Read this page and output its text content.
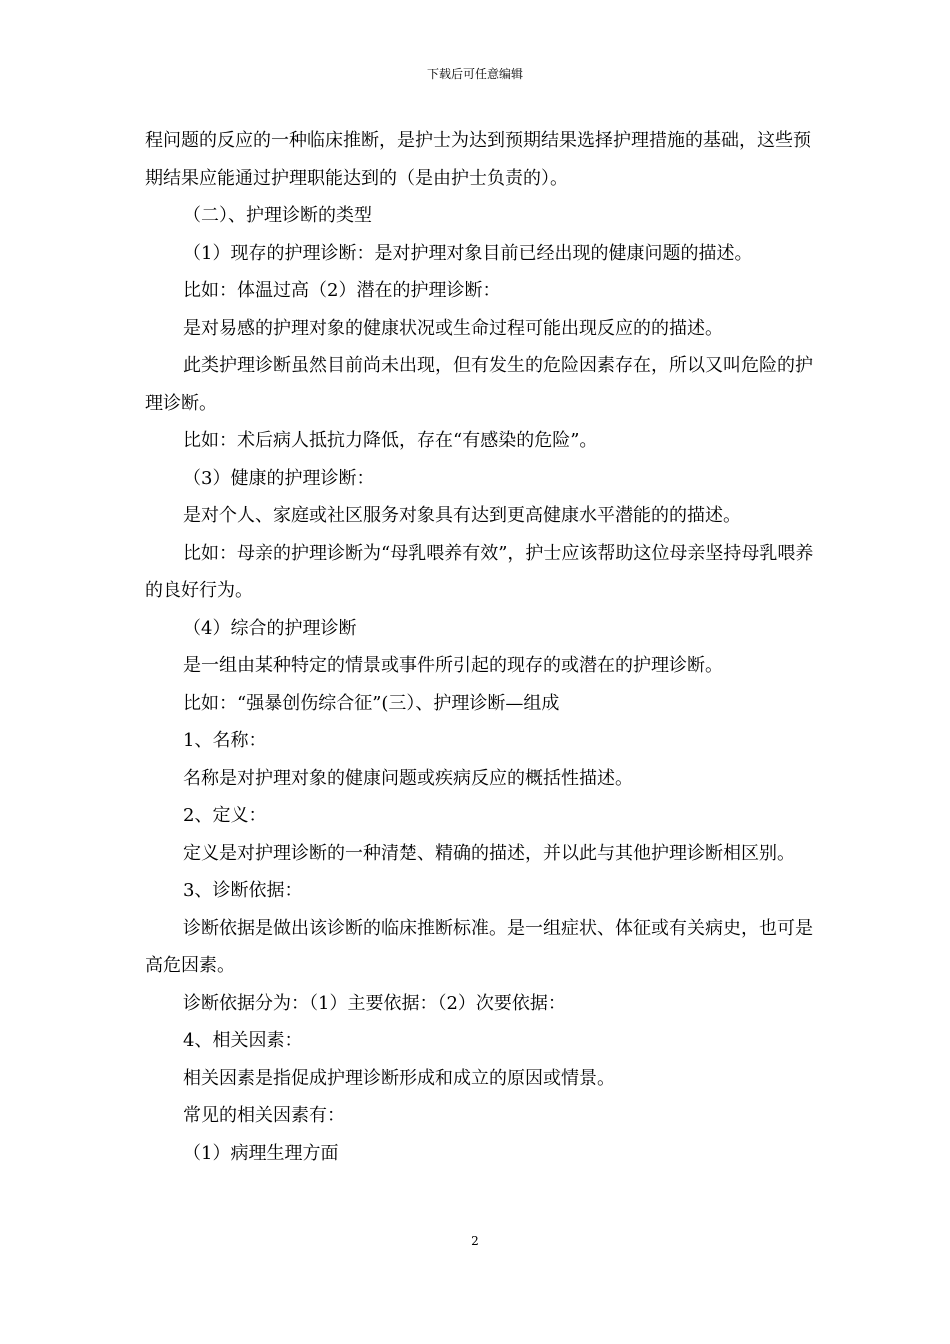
下载后可任意编辑

程问题的反应的一种临床推断，是护士为达到预期结果选择护理措施的基础，这些预期结果应能通过护理职能达到的（是由护士负责的）。

（二）、护理诊断的类型

（1）现存的护理诊断：是对护理对象目前已经出现的健康问题的描述。

比如：体温过高（2）潜在的护理诊断：

是对易感的护理对象的健康状况或生命过程可能出现反应的的描述。

此类护理诊断虽然目前尚未出现，但有发生的危险因素存在，所以又叫危险的护理诊断。

比如：术后病人抵抗力降低，存在“有感染的危险”。

（3）健康的护理诊断：

是对个人、家庭或社区服务对象具有达到更高健康水平潜能的的描述。

比如：母亲的护理诊断为“母乳喂养有效”，护士应该帮助这位母亲坚持母乳喂养的良好行为。

（4）综合的护理诊断

是一组由某种特定的情景或事件所引起的现存的或潜在的护理诊断。

比如：“强暴创伤综合征”(三）、护理诊断—组成

1、名称：

名称是对护理对象的健康问题或疾病反应的概括性描述。

2、定义：

定义是对护理诊断的一种清楚、精确的描述，并以此与其他护理诊断相区别。

3、诊断依据：

诊断依据是做出该诊断的临床推断标准。是一组症状、体征或有关病史，也可是高危因素。

诊断依据分为：（1）主要依据：（2）次要依据：

4、相关因素：

相关因素是指促成护理诊断形成和成立的原因或情景。

常见的相关因素有：

（1）病理生理方面

2
